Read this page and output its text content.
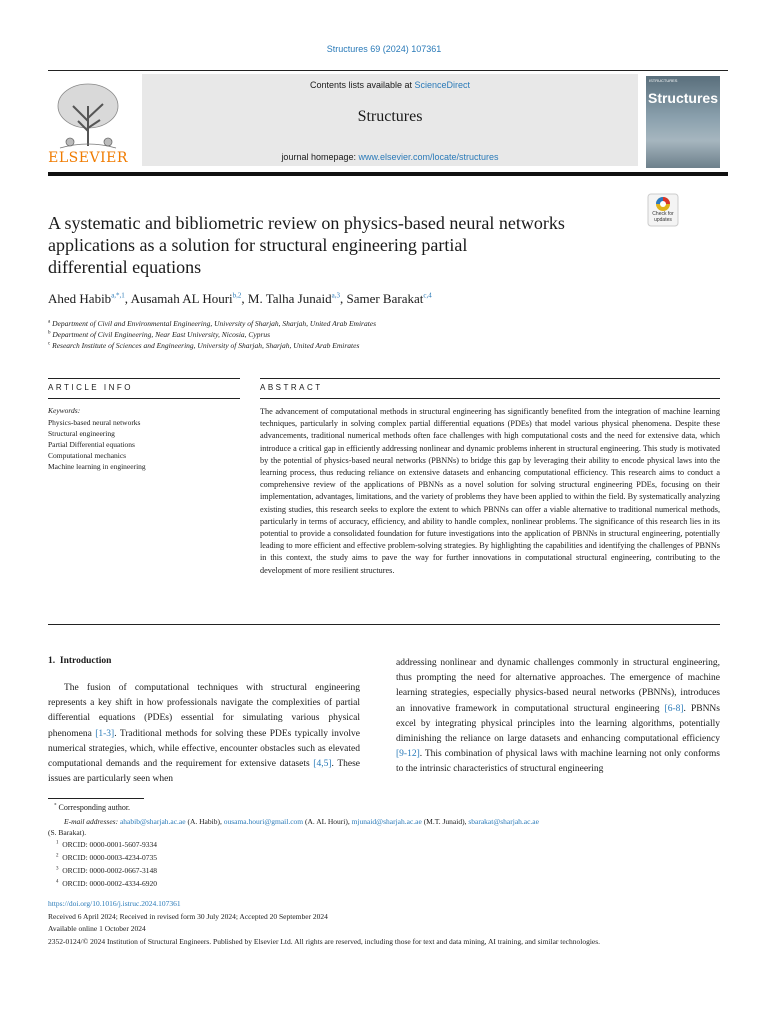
Structures 69 (2024) 107361
Contents lists available at ScienceDirect
Structures
journal homepage: www.elsevier.com/locate/structures
ELSEVIER
ISTRUCTURES
Structures
A systematic and bibliometric review on physics-based neural networks
applications as a solution for structural engineering partial
differential equations
Check for updates
Ahed Habib$^{a,*,1}$, Ausamah AL Houri$^{b,2}$, M. Talha Junaid$^{a,3}$, Samer Barakat$^{c,4}$
$^a$ Department of Civil and Environmental Engineering, University of Sharjah, Sharjah, United Arab Emirates
$^b$ Department of Civil Engineering, Near East University, Nicosia, Cyprus
$^c$ Research Institute of Sciences and Engineering, University of Sharjah, Sharjah, United Arab Emirates
ARTICLE INFO	ABSTRACT
Keywords:
Physics-based neural networks
Structural engineering
Partial Differential equations
Computational mechanics
Machine learning in engineering
The advancement of computational methods in structural engineering has significantly benefited from the integration of machine learning techniques, particularly in solving complex partial differential equations (PDEs) that model various physical phenomena. Despite these advancements, traditional numerical methods often face challenges with high computational costs and the need for extensive data, which introduce a critical gap in efficiently addressing nonlinear and dynamic problems inherent in structural engineering. This study is motivated by the potential of physics-based neural networks (PBNNs) to bridge this gap by leveraging their ability to encode physical laws into the learning process, thus reducing reliance on extensive datasets and enhancing computational efficiency. This research aims to conduct a comprehensive review of the applications of PBNNs as a novel solution for solving structural engineering PDEs, focusing on their implementation, advantages, limitations, and the variety of problems they have been applied to within the field. By systematically analyzing existing studies, this research seeks to explore the extent to which PBNNs can offer a viable alternative to traditional numerical methods, particularly in terms of accuracy, efficiency, and ability to handle complex, nonlinear problems. The significance of this research lies in its potential to provide a consolidated foundation for future investigations into the application of PBNNs in structural engineering, potentially leading to more efficient and effective problem-solving strategies. By highlighting the capabilities and identifying the challenges of PBNNs in this context, the study aims to pave the way for further innovations in computational structural engineering, contributing to the development of more resilient structures.
1. Introduction
The fusion of computational techniques with structural engineering represents a key shift in how professionals navigate the complexities of partial differential equations (PDEs) essential for simulating various physical phenomena [1-3]. Traditional methods for solving these PDEs typically involve numerical strategies, which, while effective, encounter obstacles such as elevated computational demands and the requirement for extensive datasets [4,5]. These issues are particularly seen when
addressing nonlinear and dynamic challenges commonly in structural engineering, thus prompting the need for alternative approaches. The emergence of machine learning strategies, especially physics-based neural networks (PBNNs), introduces an innovative framework in computational structural engineering [6-8]. PBNNs excel by integrating physical principles into the learning algorithms, potentially diminishing the reliance on large datasets and enhancing computational efficiency [9-12]. This combination of physical laws with machine learning not only conforms to the intrinsic characteristics of structural engineering
* Corresponding author.
E-mail addresses: ahabib@sharjah.ac.ae (A. Habib), ousama.houri@gmail.com (A. AL Houri), mjunaid@sharjah.ac.ae (M.T. Junaid), sbarakat@sharjah.ac.ae
(S. Barakat).
$^1$ ORCID: 0000-0001-5607-9334
$^2$ ORCID: 0000-0003-4234-0735
$^3$ ORCID: 0000-0002-0667-3148
$^4$ ORCID: 0000-0002-4334-6920
https://doi.org/10.1016/j.istruc.2024.107361
Received 6 April 2024; Received in revised form 30 July 2024; Accepted 20 September 2024
Available online 1 October 2024
2352-0124/© 2024 Institution of Structural Engineers. Published by Elsevier Ltd. All rights are reserved, including those for text and data mining, AI training, and similar technologies.
